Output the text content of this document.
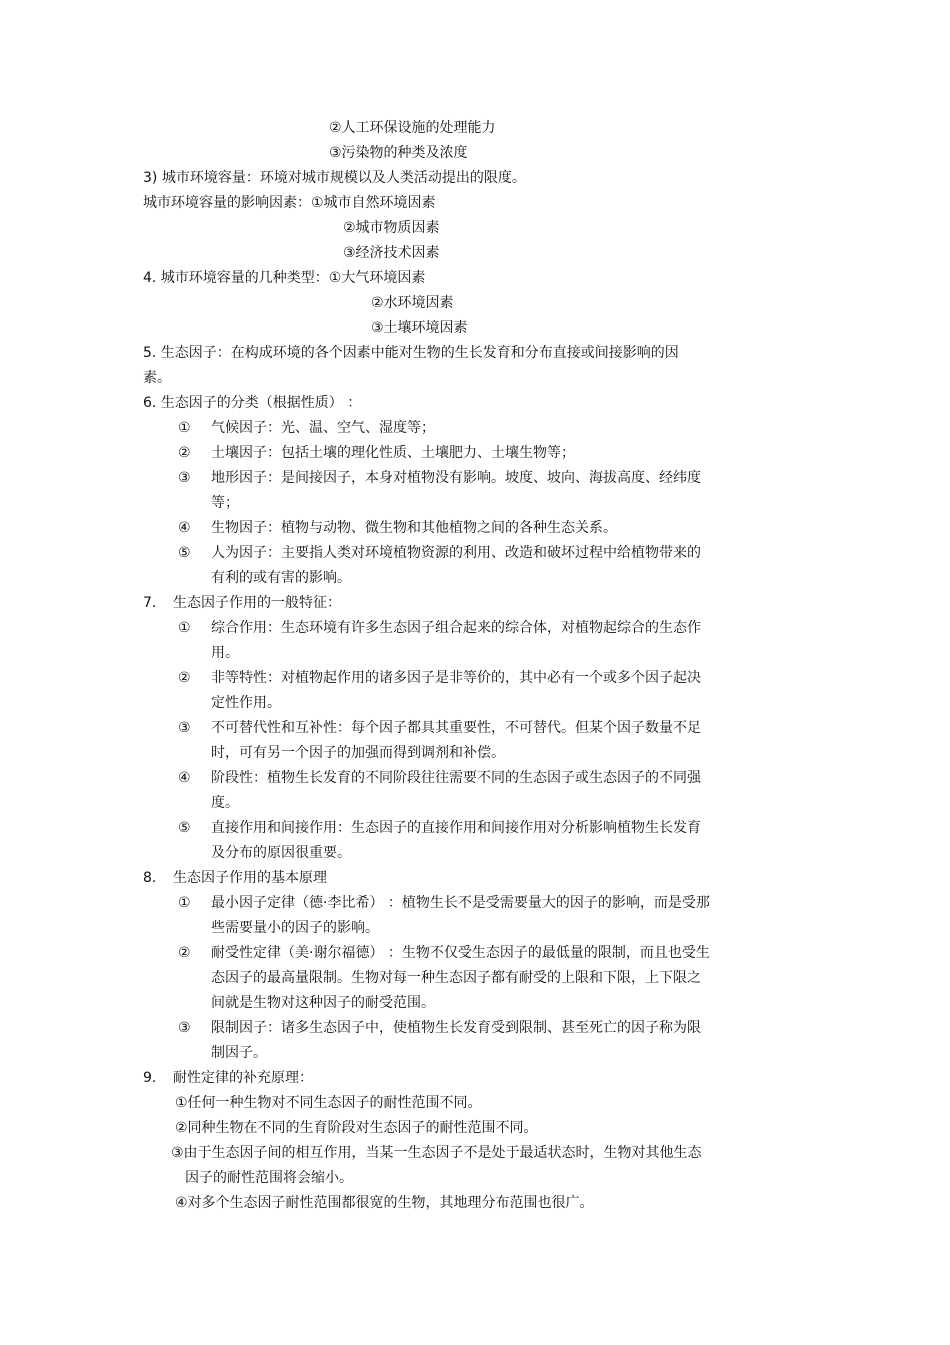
②人工环保设施的处理能力
③污染物的种类及浓度
3) 城市环境容量：环境对城市规模以及人类活动提出的限度。
城市环境容量的影响因素：①城市自然环境因素
②城市物质因素
③经济技术因素
4. 城市环境容量的几种类型：①大气环境因素
②水环境因素
③土壤环境因素
5. 生态因子：在构成环境的各个因素中能对生物的生长发育和分布直接或间接影响的因
素。
6. 生态因子的分类（根据性质） ：
① 气候因子：光、温、空气、湿度等；
② 土壤因子：包括土壤的理化性质、土壤肥力、土壤生物等；
③ 地形因子：是间接因子，本身对植物没有影响。坡度、坡向、海拔高度、经纬度
等；
④ 生物因子：植物与动物、微生物和其他植物之间的各种生态关系。
⑤ 人为因子：主要指人类对环境植物资源的利用、改造和破坏过程中给植物带来的
有利的或有害的影响。
7. 生态因子作用的一般特征：
① 综合作用：生态环境有许多生态因子组合起来的综合体，对植物起综合的生态作
用。
② 非等特性：对植物起作用的诸多因子是非等价的，其中必有一个或多个因子起决
定性作用。
③ 不可替代性和互补性：每个因子都具其重要性，不可替代。但某个因子数量不足
时，可有另一个因子的加强而得到调剂和补偿。
④ 阶段性：植物生长发育的不同阶段往往需要不同的生态因子或生态因子的不同强
度。
⑤ 直接作用和间接作用：生态因子的直接作用和间接作用对分析影响植物生长发育
及分布的原因很重要。
8. 生态因子作用的基本原理
① 最小因子定律（德·李比希） ：植物生长不是受需要量大的因子的影响，而是受那
些需要量小的因子的影响。
② 耐受性定律（美·谢尔福德） ：生物不仅受生态因子的最低量的限制，而且也受生
态因子的最高量限制。生物对每一种生态因子都有耐受的上限和下限，上下限之
间就是生物对这种因子的耐受范围。
③ 限制因子：诸多生态因子中，使植物生长发育受到限制、甚至死亡的因子称为限
制因子。
9. 耐性定律的补充原理：
①任何一种生物对不同生态因子的耐性范围不同。
②同种生物在不同的生育阶段对生态因子的耐性范围不同。
③由于生态因子间的相互作用，当某一生态因子不是处于最适状态时，生物对其他生态
因子的耐性范围将会缩小。
④对多个生态因子耐性范围都很宽的生物，其地理分布范围也很广。
